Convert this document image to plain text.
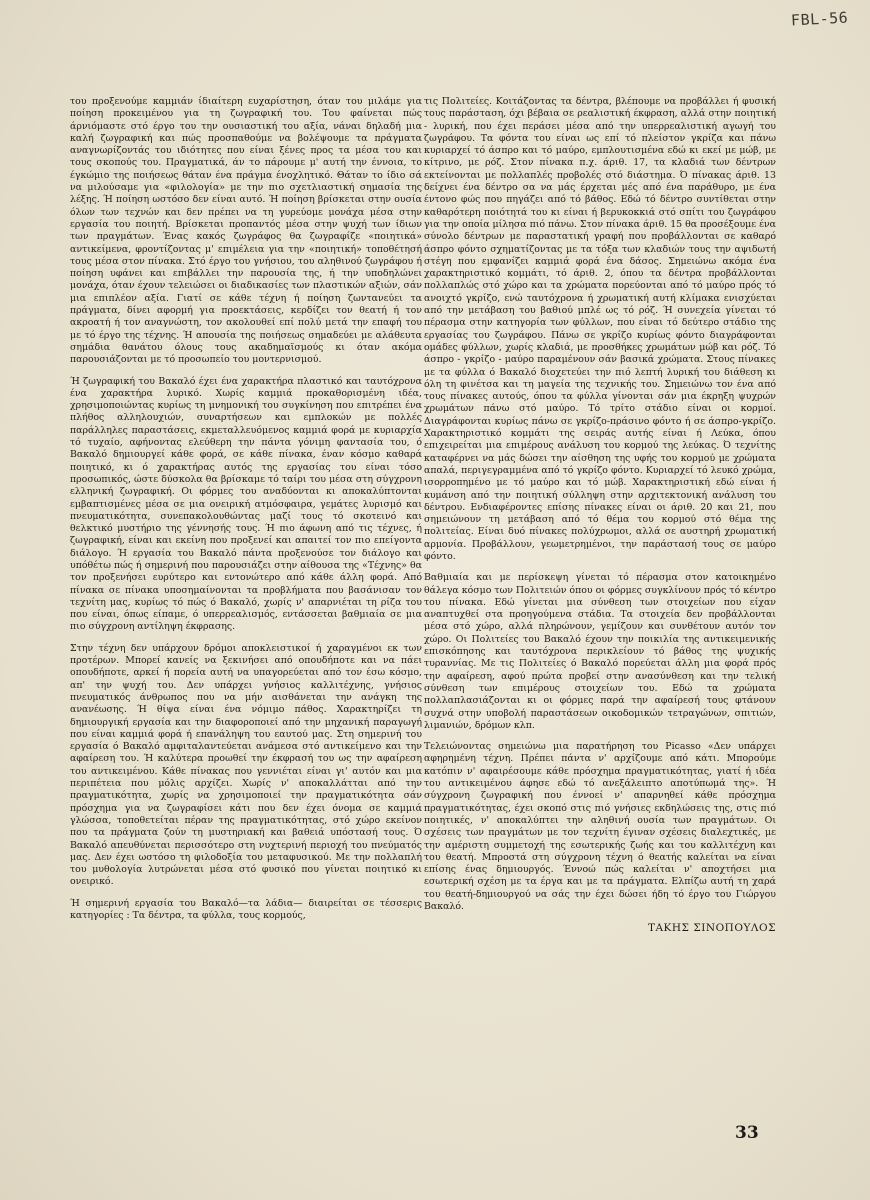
FBL-56

του προξενούμε καμμιάν ίδιαίτερη ευχαρίστηση, όταν του μιλάμε για ποίηση προκειμένου για τη ζωγραφική του. Του φαίνεται πώς άρνιόμαστε στό έργο του την ουσιαστική του αξία, νάναι δηλαδή μια καλή ζωγραφική και πώς προσπαθούμε να βολέψουμε τα πράγματα αναγνωρίζοντάς του ιδιότητες που είναι ξένες προς τα μέσα του και τους σκοπούς του. Πραγματικά, άν το πάρουμε μ' αυτή την έννοια, το έγκώμιο της ποιήσεως θάταν ένα πράγμα ένοχλητικό. Θάταν το ίδιο σά να μιλούσαμε για «φιλολογία» με την πιο σχετλιαστική σημασία της λέξης. Ή ποίηση ωστόσο δεν είναι αυτό. Ή ποίηση βρίσκεται στην ουσία όλων των τεχνών και δεν πρέπει να τη γυρεύομε μονάχα μέσα στην εργασία του ποιητή. Βρίσκεται προπαντός μέσα στην ψυχή των ίδιων των πραγμάτων. Ένας κακός ζωγράφος θα ζωγραφίζε «ποιητικά» αντικείμενα, φροντίζοντας μ' επιμέλεια για την «ποιητική» τοποθέτησή τους μέσα στον πίνακα. Στό έργο του γνήσιου, του αληθινού ζωγράφου ή ποίηση υφάνει και επιβάλλει την παρουσία της, ή την υποδηλώνει μονάχα, όταν έχουν τελειώσει οι διαδικασίες των πλαστικών αξιών, σάν μια επιπλέον αξία. Γιατί σε κάθε τέχνη ή ποίηση ζωντανεύει τα πράγματα, δίνει αφορμή για προεκτάσεις, κερδίζει τον θεατή ή τον ακροατή ή τον αναγνώστη, τον ακολουθεί επί πολύ μετά την επαφή του με τό έργο της τέχνης. Ή απουσία της ποιήσεως σημαδεύει με αλάθευτα σημάδια θανάτου όλους τους ακαδημαϊσμούς κι όταν ακόμα παρουσιάζονται με τό προσωπείο του μοντερνισμού.

Ή ζωγραφική του Βακαλό έχει ένα χαρακτήρα πλαστικό και ταυτόχρονα ένα χαρακτήρα λυρικό. Χωρίς καμμιά προκαθορισμένη ιδέα, χρησιμοποιώντας κυρίως τη μνημονική του συγκίνηση που επιτρέπει ένα πλήθος αλληλουχιών, συναρτήσεων και εμπλοκών με πολλές παράλληλες παραστάσεις, εκμεταλλευόμενος καμμιά φορά με κυριαρχία τό τυχαίο, αφήνοντας ελεύθερη την πάντα γόνιμη φαντασία του, ό Βακαλό δημιουργεί κάθε φορά, σε κάθε πίνακα, έναν κόσμο καθαρά ποιητικό, κι ό χαρακτήρας αυτός της εργασίας του είναι τόσο προσωπικός, ώστε δύσκολα θα βρίσκαμε τό ταίρι του μέσα στη σύγχρονη ελληνική ζωγραφική. Οι φόρμες του αναδύονται κι αποκαλύπτονται εμβαπτισμένες μέσα σε μια ονειρική ατμόσφαιρα, γεμάτες λυρισμό και πνευματικότητα, συνεπακολουθώντας μαζί τους τό σκοτεινό και θελκτικό μυστήριο της γέννησής τους. Ή πιο άφωνη από τις τέχνες, ή ζωγραφική, είναι και εκείνη που προξενεί και απαιτεί τον πιο επείγοντα διάλογο. Ή εργασία του Βακαλό πάντα προξενούσε τον διάλογο και υπόθέτω πώς ή σημερινή που παρουσιάζει στην αίθουσα της «Τέχνης» θα τον προξενήσει ευρύτερο και εντονώτερο από κάθε άλλη φορά. Από πίνακα σε πίνακα υποσημαίνονται τα προβλήματα που βασάνισαν τον τεχνίτη μας, κυρίως τό πώς ό Βακαλό, χωρίς ν' απαρνιέται τη ρίζα του που είναι, όπως είπαμε, ό υπερρεαλισμός, εντάσσεται βαθμιαία σε μια πιο σύγχρονη αντίληψη έκφρασης.

Στην τέχνη δεν υπάρχουν δρόμοι αποκλειστικοί ή χαραγμένοι εκ των προτέρων. Μπορεί κανείς να ξεκινήσει από οπουδήποτε και να πάει οπουδήποτε, αρκεί ή πορεία αυτή να υπαγορεύεται από τον έσω κόσμο, απ' την ψυχή του. Δεν υπάρχει γνήσιος καλλιτέχνης, γνήσιος πνευματικός άνθρωπος που να μήν αισθάνεται την ανάγκη της ανανέωσης. Ή θίψα είναι ένα νόμιμο πάθος. Χαρακτηρίζει τη δημιουργική εργασία και την διαφοροποιεί από την μηχανική παραγωγή που είναι καμμιά φορά ή επανάληψη του εαυτού μας. Στη σημερινή του εργασία ό Βακαλό αμφιταλαντεύεται ανάμεσα στό αντικείμενο και την αφαίρεση του. Ή καλύτερα προωθεί την έκφρασή του ως την αφαίρεση του αντικειμένου. Κάθε πίνακας που γεννιέται είναι γι' αυτόν και μια περιπέτεια που μόλις αρχίζει. Χωρίς ν' αποκαλλάτται από την πραγματικότητα, χωρίς να χρησιμοποιεί την πραγματικότητα σάν πρόσχημα για να ζωγραφίσει κάτι που δεν έχει όνομα σε καμμιά γλώσσα, τοποθετείται πέραν της πραγματικότητας, στό χώρο εκείνον που τα πράγματα ζούν τη μυστηριακή και βαθειά υπόστασή τους. Ό Βακαλό απευθύνεται περισσότερο στη νυχτερινή περιοχή του πνεύματός μας. Δεν έχει ωστόσο τη φιλοδοξία του μεταφυσικού. Με την πολλαπλή του μυθολογία λυτρώνεται μέσα στό φυσικό που γίνεται ποιητικό κι ονειρικό.

Ή σημερινή εργασία του Βακαλό—τα λάδια— διαιρείται σε τέσσερις κατηγορίες : Τα δέντρα, τα φύλλα, τους κορμούς,

τις Πολιτείες. Κοιτάζοντας τα δέντρα, βλέπουμε να προβάλλει ή φυσική τους παράσταση, όχι βέβαια σε ρεαλιστική έκφραση, αλλά στην ποιητική - λυρική, που έχει περάσει μέσα από την υπερρεαλιστική αγωγή του ζωγράφου. Τα φόντα του είναι ως επί τό πλείστον γκρίζα και πάνω κυριαρχεί τό άσπρο και τό μαύρο, εμπλουτισμένα εδώ κι εκεί με μώβ, με κίτρινο, με ρόζ. Στον πίνακα π.χ. άριθ. 17, τα κλαδιά των δέντρων εκτείνονται με πολλαπλές προβολές στό διάστημα. Ό πίνακας άριθ. 13 δείχνει ένα δέντρο σα να μάς έρχεται μές από ένα παράθυρο, με ένα έντονο φώς που πηγάζει από τό βάθος. Εδώ τό δέντρο συντίθεται στην καθαρότερη ποιότητά του κι είναι ή βερυκοκκιά στό σπίτι του ζωγράφου για την οποία μίλησα πιό πάνω. Στον πίνακα άριθ. 15 θα προσέξουμε ένα σύνολο δέντρων με παραστατική γραφή που προβάλλονται σε καθαρό άσπρο φόντο σχηματίζοντας με τα τόξα των κλαδιών τους την αψιδωτή στέγη που εμφανίζει καμμιά φορά ένα δάσος. Σημειώνω ακόμα ένα χαρακτηριστικό κομμάτι, τό άριθ. 2, όπου τα δέντρα προβάλλονται πολλαπλώς στό χώρο και τα χρώματα πορεύονται από τό μαύρο πρός τό ανοιχτό γκρίζο, ενώ ταυτόχρονα ή χρωματική αυτή κλίμακα ενισχύεται από την μετάβαση του βαθιού μπλέ ως τό ρόζ. Ή συνεχεία γίνεται τό πέρασμα στην κατηγορία των φύλλων, που είναι τό δεύτερο στάδιο της εργασίας του ζωγράφου. Πάνω σε γκρίζο κυρίως φόντο διαγράφονται ομάδες φύλλων, χωρίς κλαδιά, με προσθήκες χρωμάτων μώβ και ρόζ. Τό άσπρο - γκρίζο - μαύρο παραμένουν σάν βασικά χρώματα. Στους πίνακες με τα φύλλα ό Βακαλό διοχετεύει την πιό λεπτή λυρική του διάθεση κι όλη τη φινέτσα και τη μαγεία της τεχνικής του. Σημειώνω τον ένα από τους πίνακες αυτούς, όπου τα φύλλα γίνονται σάν μια έκρηξη ψυχρών χρωμάτων πάνω στό μαύρο. Τό τρίτο στάδιο είναι οι κορμοί. Διαγράφονται κυρίως πάνω σε γκρίζο-πράσινο φόντο ή σε άσπρο-γκρίζο. Χαρακτηριστικό κομμάτι της σειράς αυτής είναι ή Λεύκα, όπου επιχειρείται μια επιμέρους ανάλυση του κορμού της λεύκας. Ό τεχνίτης καταφέρνει να μάς δώσει την αίσθηση της υφής του κορμού με χρώματα απαλά, περιγεγραμμένα από τό γκρίζο φόντο. Κυριαρχεί τό λευκό χρώμα, ισορροπημένο με τό μαύρο και τό μώβ. Χαρακτηριστική εδώ είναι ή κυμάνση από την ποιητική σύλληψη στην αρχιτεκτονική ανάλυση του δέντρου. Ενδιαφέροντες επίσης πίνακες είναι οι άριθ. 20 και 21, που σημειώνουν τη μετάβαση από τό θέμα του κορμού στό θέμα της πολιτείας. Είναι δυό πίνακες πολύχρωμοι, αλλά σε αυστηρή χρωματική αρμονία. Προβάλλουν, γεωμετρημένοι, την παράστασή τους σε μαύρο φόντο.

Βαθμιαία και με περίσκεψη γίνεται τό πέρασμα στον κατοικημένο θάλεγα κόσμο των Πολιτειών όπου οι φόρμες συγκλίνουν πρός τό κέντρο του πίνακα. Εδώ γίνεται μια σύνθεση των στοιχείων που είχαν αναπτυχθεί στα προηγούμενα στάδια. Τα στοιχεία δεν προβάλλονται μέσα στό χώρο, αλλά πληρώνουν, γεμίζουν και συνθέτουν αυτόν τον χώρο. Οι Πολιτείες του Βακαλό έχουν την ποικιλία της αντικειμενικής επισκόπησης και ταυτόχρονα περικλείουν τό βάθος της ψυχικής τυραννίας. Με τις Πολιτείες ό Βακαλό πορεύεται άλλη μια φορά πρός την αφαίρεση, αφού πρώτα προβεί στην ανασύνθεση και την τελική σύνθεση των επιμέρους στοιχείων του. Εδώ τα χρώματα πολλαπλασιάζονται κι οι φόρμες παρά την αφαίρεσή τους φτάνουν συχνά στην υποβολή παραστάσεων οικοδομικών τετραγώνων, σπιτιών, λιμανιών, δρόμων κλπ.

Τελειώνοντας σημειώνω μια παρατήρηση του Picasso «Δεν υπάρχει αφηρημένη τέχνη. Πρέπει πάντα ν' αρχίζουμε από κάτι. Μπορούμε κατόπιν ν' αφαιρέσουμε κάθε πρόσχημα πραγματικότητας, γιατί ή ιδέα του αντικειμένου άφησε εδώ τό ανεξάλειπτο αποτύπωμά της». Ή σύγχρονη ζωγραφική που έννοεί ν' απαρνηθεί κάθε πρόσχημα πραγματικότητας, έχει σκοπό στις πιό γνήσιες εκδηλώσεις της, στις πιό ποιητικές, ν' αποκαλύπτει την αληθινή ουσία των πραγμάτων. Οι σχέσεις των πραγμάτων με τον τεχνίτη έγιναν σχέσεις διαλεχτικές, με την αμέριστη συμμετοχή της εσωτερικής ζωής και του καλλιτέχνη και του θεατή. Μπροστά στη σύγχρονη τέχνη ό θεατής καλείται να είναι επίσης ένας δημιουργός. Έννοώ πώς καλείται ν' αποχτήσει μια εσωτερική σχέση με τα έργα και με τα πράγματα. Ελπίζω αυτή τη χαρά του θεατή-δημιουργού να σάς την έχει δώσει ήδη τό έργο του Γιώργου Βακαλό.

ΤΑΚΗΣ ΣΙΝΟΠΟΥΛΟΣ

33
